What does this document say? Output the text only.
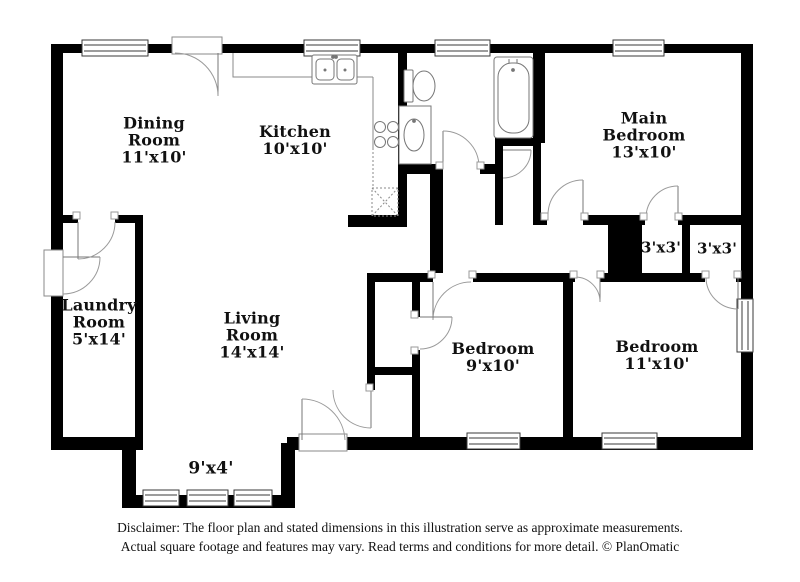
Dining
Room
11'x10'
Kitchen
10'x10'
Main
Bedroom
13'x10'
Laundry
Room
5'x14'
Living
Room
14'x14'	Bedroom
9'x10'
Bedroom
11'x10'
3'x3' 3'x3'
9'x4'
Disclaimer: The floor plan and stated dimensions in this illustration serve as approximate measurements.
Actual square footage and features may vary. Read terms and conditions for more detail. © PlanOmatic
